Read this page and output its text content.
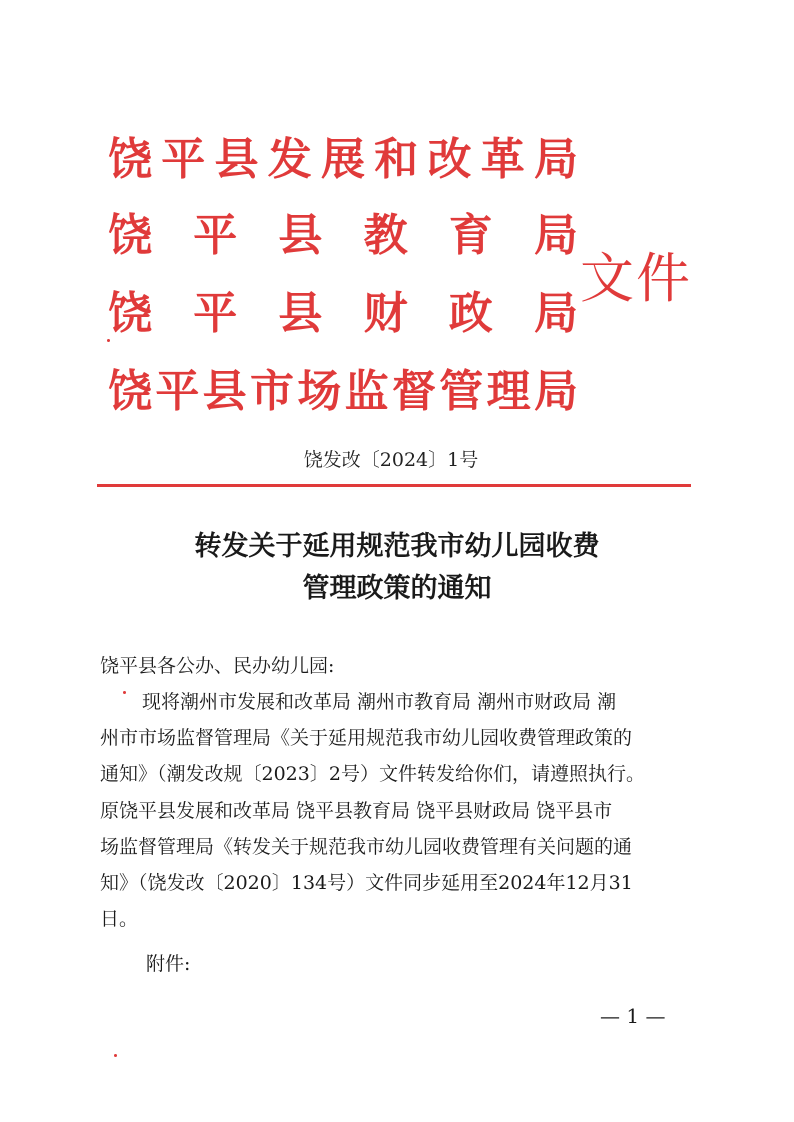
饶 平 县 发 展 和 改 革 局
饶 平 县 教 育 局
饶 平 县 财 政 局
饶 平 县 市 场 监 督 管 理 局
文件
饶发改〔2024〕1号
转发关于延用规范我市幼儿园收费
管理政策的通知
饶平县各公办、民办幼儿园:
现将潮州市发展和改革局 潮州市教育局 潮州市财政局 潮
州市市场监督管理局《关于延用规范我市幼儿园收费管理政策的
通知》（潮发改规〔2023〕2号）文件转发给你们，请遵照执行。
原饶平县发展和改革局 饶平县教育局 饶平县财政局 饶平县市
场监督管理局《转发关于规范我市幼儿园收费管理有关问题的通
知》（饶发改〔2020〕134号）文件同步延用至2024年12月31
日。
附件:
— 1 —
